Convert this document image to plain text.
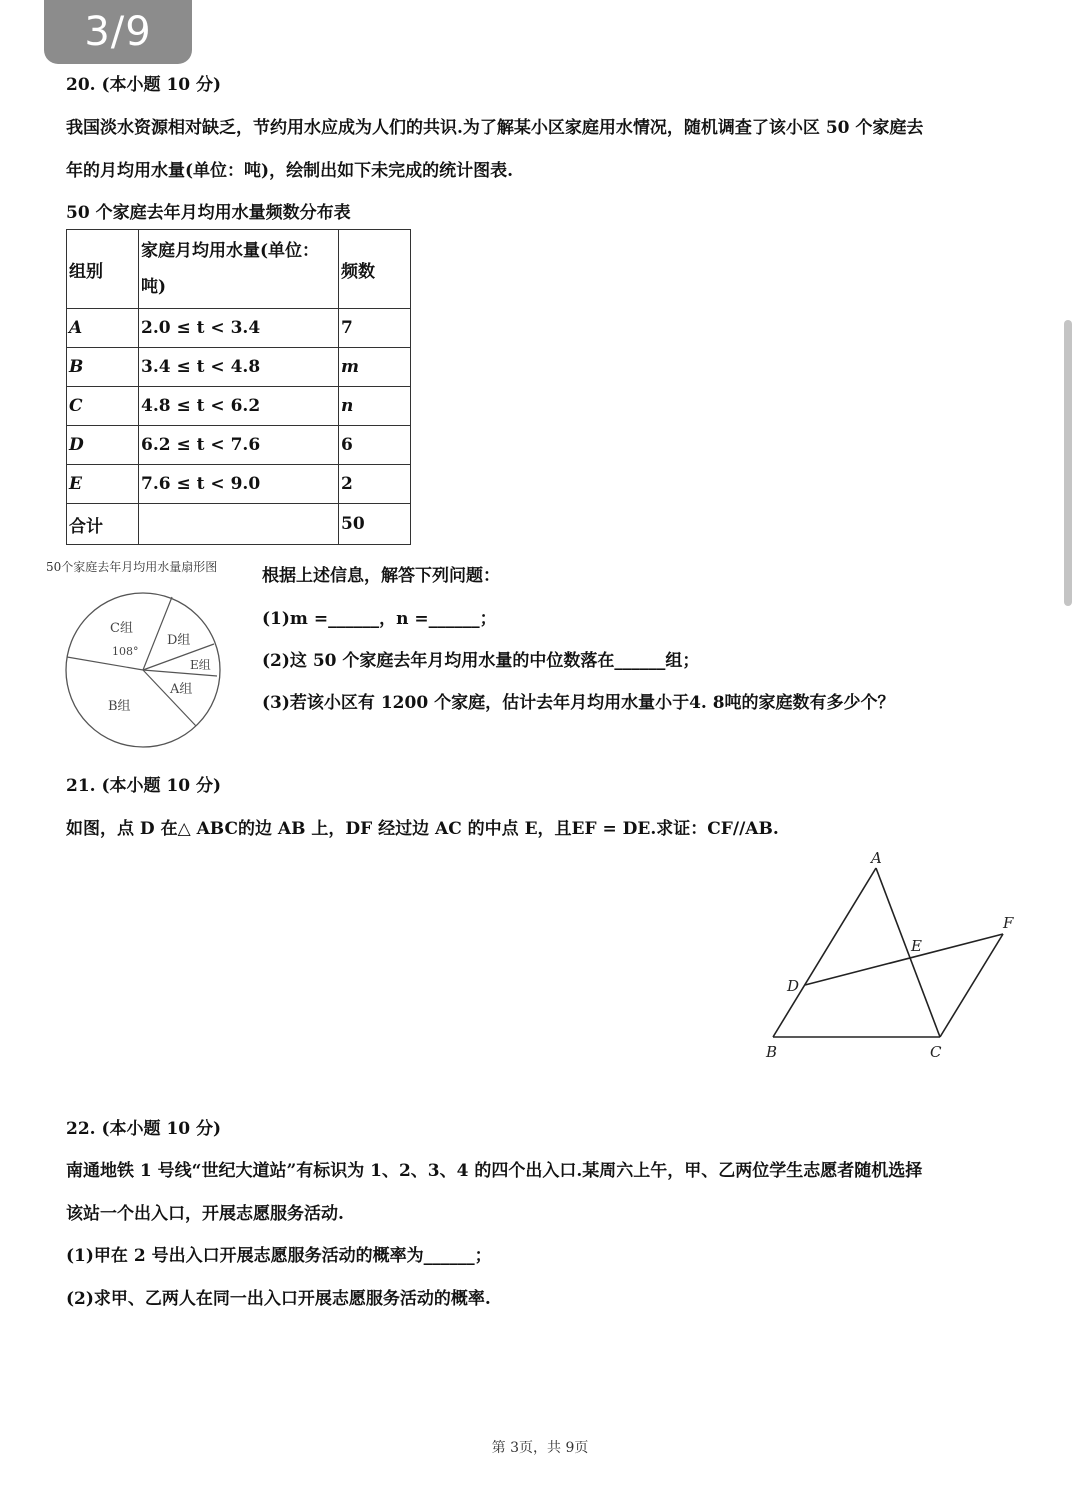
3/9
20. (本小题 10 分)
我国淡水资源相对缺乏，节约用水应成为人们的共识.为了解某小区家庭用水情况，随机调查了该小区 50 个家庭去
年的月均用水量(单位：吨)，绘制出如下未完成的统计图表.
50 个家庭去年月均用水量频数分布表
组别	家庭月均用水量(单位：吨)	频数
A	2.0 ≤ t < 3.4	7
B	3.4 ≤ t < 4.8	m
C	4.8 ≤ t < 6.2	n
D	6.2 ≤ t < 7.6	6
E	7.6 ≤ t < 9.0	2
合计		50
50个家庭去年月均用水量扇形图
C组
108°
D组
E组
A组
B组
根据上述信息，解答下列问题：
(1)m =______，n =______；
(2)这 50 个家庭去年月均用水量的中位数落在______组；
(3)若该小区有 1200 个家庭，估计去年月均用水量小于4. 8吨的家庭数有多少个？
21. (本小题 10 分)
如图，点 D 在△ ABC的边 AB 上，DF 经过边 AC 的中点 E，且EF = DE.求证：CF//AB.
A
B	C
D
E
F
22. (本小题 10 分)
南通地铁 1 号线“世纪大道站”有标识为 1、2、3、4 的四个出入口.某周六上午，甲、乙两位学生志愿者随机选择
该站一个出入口，开展志愿服务活动.
(1)甲在 2 号出入口开展志愿服务活动的概率为______；
(2)求甲、乙两人在同一出入口开展志愿服务活动的概率.
第 3页，共 9页
